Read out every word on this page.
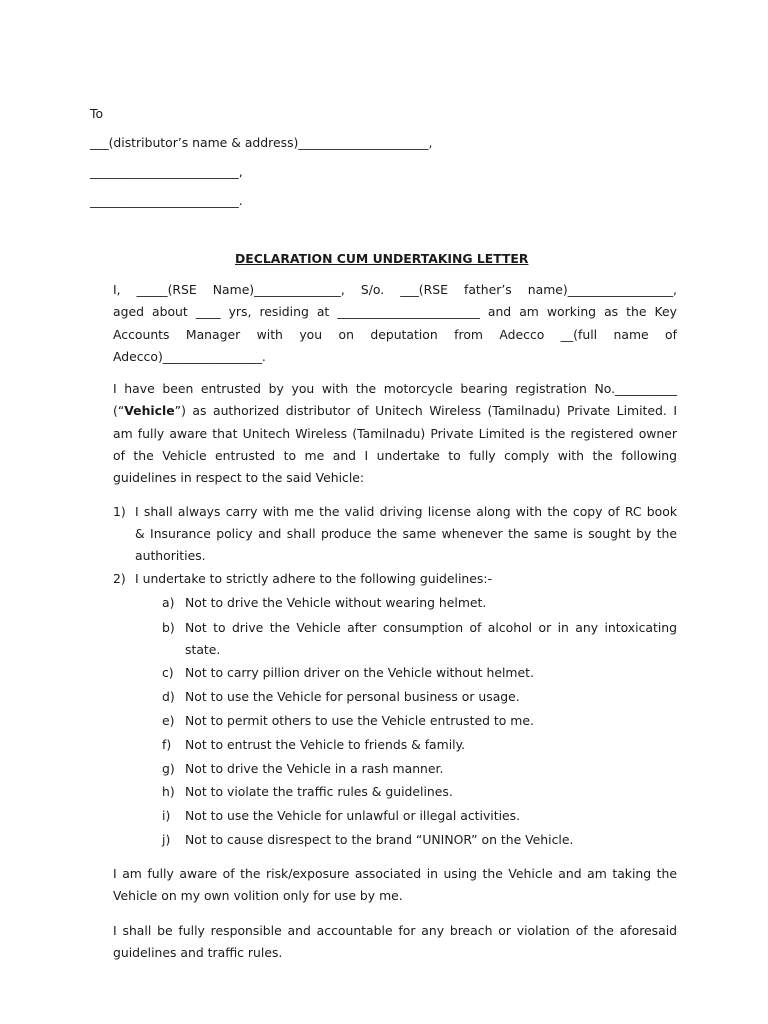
To
___(distributor’s name & address)_____________________,
________________________,
________________________.
DECLARATION CUM UNDERTAKING LETTER
I, _____(RSE Name)______________, S/o. ___(RSE father’s name)_________________,
aged about ____ yrs, residing at _______________________ and am working as the Key
Accounts Manager with you on deputation from Adecco __(full name of
Adecco)________________.
I have been entrusted by you with the motorcycle bearing registration No.__________
(“Vehicle”) as authorized distributor of Unitech Wireless (Tamilnadu) Private Limited. I
am fully aware that Unitech Wireless (Tamilnadu) Private Limited is the registered owner
of the Vehicle entrusted to me and I undertake to fully comply with the following
guidelines in respect to the said Vehicle:
1) I shall always carry with me the valid driving license along with the copy of RC book
& Insurance policy and shall produce the same whenever the same is sought by the
authorities.
2) I undertake to strictly adhere to the following guidelines:-
a) Not to drive the Vehicle without wearing helmet.
b) Not to drive the Vehicle after consumption of alcohol or in any intoxicating
state.
c) Not to carry pillion driver on the Vehicle without helmet.
d) Not to use the Vehicle for personal business or usage.
e) Not to permit others to use the Vehicle entrusted to me.
f) Not to entrust the Vehicle to friends & family.
g) Not to drive the Vehicle in a rash manner.
h) Not to violate the traffic rules & guidelines.
i) Not to use the Vehicle for unlawful or illegal activities.
j) Not to cause disrespect to the brand “UNINOR” on the Vehicle.
I am fully aware of the risk/exposure associated in using the Vehicle and am taking the
Vehicle on my own volition only for use by me.
I shall be fully responsible and accountable for any breach or violation of the aforesaid
guidelines and traffic rules.
